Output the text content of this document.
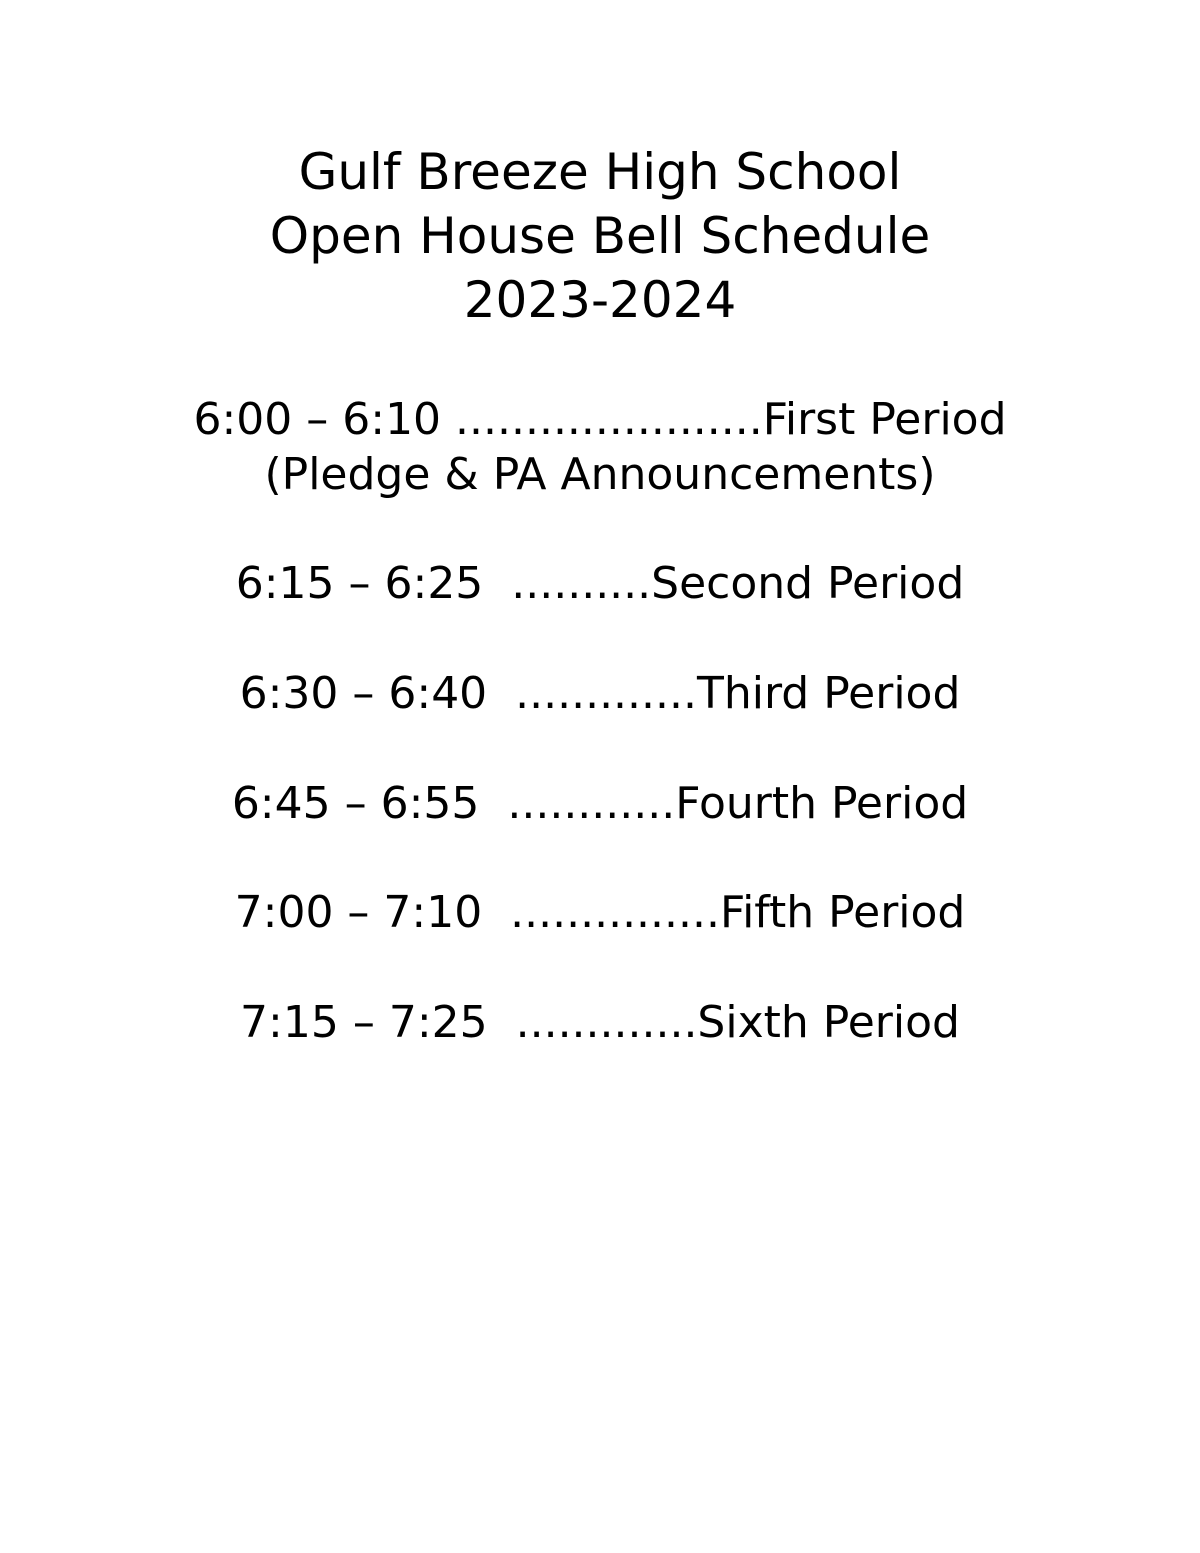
Gulf Breeze High School
Open House Bell Schedule
2023-2024
6:00 – 6:10 ......................First Period
(Pledge & PA Announcements)
6:15 – 6:25  ..........Second Period
6:30 – 6:40  .............Third Period
6:45 – 6:55  ............Fourth Period
7:00 – 7:10  ...............Fifth Period
7:15 – 7:25  .............Sixth Period
